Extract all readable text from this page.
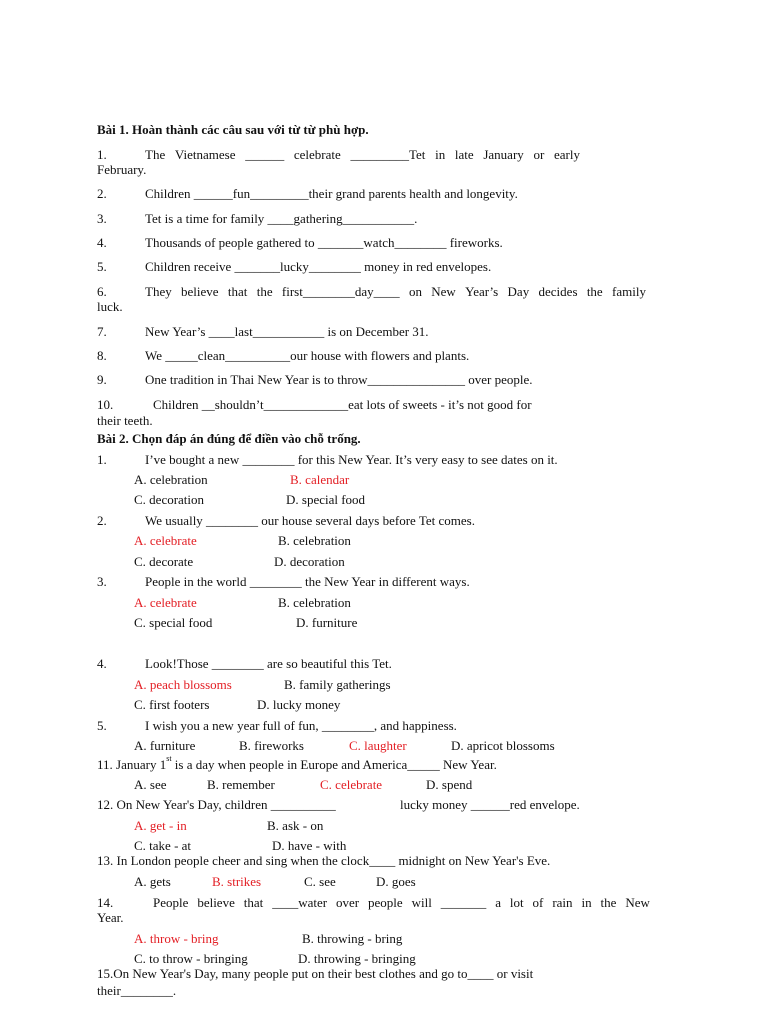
Bài 1. Hoàn thành các câu sau với từ từ phù hợp.
1.	The Vietnamese ______ celebrate _________Tet in late January or early
February.
2.	Children ______fun_________their grand parents health and longevity.
3.	Tet is a time for family ____gathering___________.
4.	Thousands of people gathered to _______watch________ fireworks.
5.	Children receive _______lucky________ money in red envelopes.
6.	They believe that the first________day____ on New Year’s Day decides the family
luck.
7.	New Year’s ____last___________ is on December 31.
8.	We _____clean__________our house with flowers and plants.
9.	One tradition in Thai New Year is to throw_______________ over people.
10.	Children __shouldn’t_____________eat lots of sweets - it’s not good for
their teeth.
Bài 2. Chọn đáp án đúng để điền vào chỗ trống.
1.	I’ve bought a new ________ for this New Year. It’s very easy to see dates on it.
A. celebration	B. calendar
C. decoration	D. special food
2.	We usually ________ our house several days before Tet comes.
A. celebrate	B. celebration
C. decorate	D. decoration
3.	People in the world ________ the New Year in different ways.
A. celebrate	B. celebration
C. special food	D. furniture
4.	Look!Those ________ are so beautiful this Tet.
A. peach blossoms	B. family gatherings
C. first footers	D. lucky money
5.	I wish you a new year full of fun, ________, and happiness.
A. furniture	B. fireworks	C. laughter	D. apricot blossoms
11. January 1st is a day when people in Europe and America_____ New Year.
A. see	B. remember	C. celebrate	D. spend
12. On New Year's Day, children __________	lucky money ______red envelope.
A. get - in	B. ask - on
C. take - at	D. have - with
13. In London people cheer and sing when the clock____ midnight on New Year's Eve.
A. gets	B. strikes	C. see	D. goes
14.	People believe that ____water over people will _______ a lot of rain in the New
Year.
A. throw - bring	B. throwing - bring
C. to throw - bringing	D. throwing - bringing
15.On New Year's Day, many people put on their best clothes and go to____ or visit
their________.
